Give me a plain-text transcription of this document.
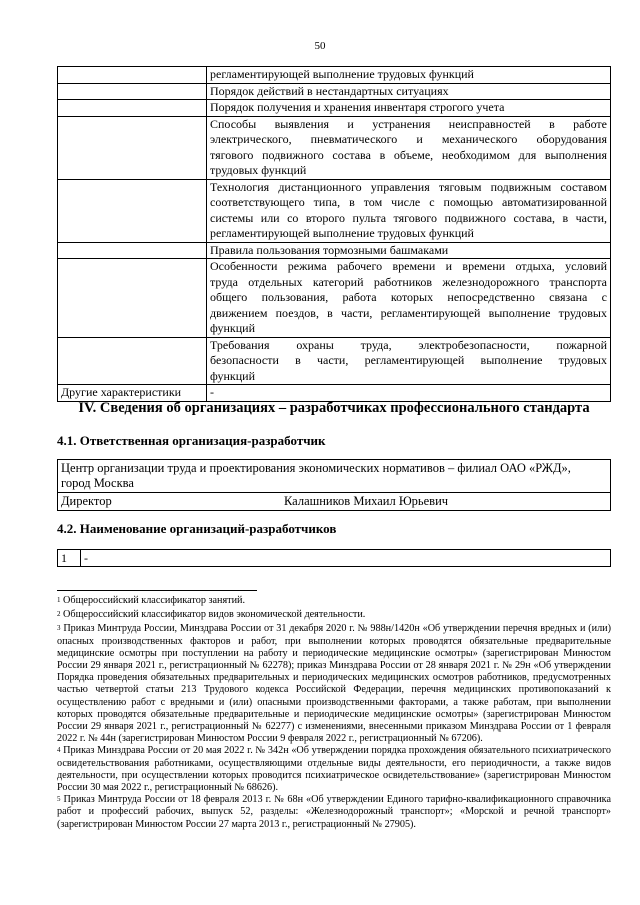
50

	регламентирующей выполнение трудовых функций

	Порядок действий в нестандартных ситуациях

	Порядок получения и хранения инвентаря строгого учета

	Способы выявления и устранения неисправностей в работе
электрического, пневматического и механического оборудования
тягового подвижного состава в объеме, необходимом для выполнения
трудовых функций

	Технология дистанционного управления тяговым подвижным составом
соответствующего типа, в том числе с помощью автоматизированной
системы или со второго пульта тягового подвижного состава, в части,
регламентирующей выполнение трудовых функций

	Правила пользования тормозными башмаками

	Особенности режима рабочего времени и времени отдыха, условий
труда отдельных категорий работников железнодорожного транспорта
общего пользования, работа которых непосредственно связана с
движением поездов, в части, регламентирующей выполнение трудовых
функций

	Требования охраны труда, электробезопасности, пожарной
безопасности в части, регламентирующей выполнение трудовых
функций

Другие характеристики	-
IV. Сведения об организациях – разработчиках профессионального стандарта
4.1. Ответственная организация-разработчик
Центр организации труда и проектирования экономических нормативов – филиал ОАО «РЖД»,
город Москва
Директор	Калашников Михаил Юрьевич
4.2. Наименование организаций-разработчиков
1	-

$^1$ Общероссийский классификатор занятий.

$^2$ Общероссийский классификатор видов экономической деятельности.

$^3$ Приказ Минтруда России, Минздрава России от 31 декабря 2020 г. № 988н/1420н «Об утверждении перечня вредных и (или) опасных производственных факторов и работ, при выполнении которых проводятся обязательные предварительные медицинские осмотры при поступлении на работу и периодические медицинские осмотры» (зарегистрирован Минюстом России 29 января 2021 г., регистрационный № 62278); приказ Минздрава России от 28 января 2021 г. № 29н «Об утверждении Порядка проведения обязательных предварительных и периодических медицинских осмотров работников, предусмотренных частью четвертой статьи 213 Трудового кодекса Российской Федерации, перечня медицинских противопоказаний к осуществлению работ с вредными и (или) опасными производственными факторами, а также работам, при выполнении которых проводятся обязательные предварительные и периодические медицинские осмотры» (зарегистрирован Минюстом России 29 января 2021 г., регистрационный № 62277) с изменениями, внесенными приказом Минздрава России от 1 февраля 2022 г. № 44н (зарегистрирован Минюстом России 9 февраля 2022 г., регистрационный № 67206).

$^4$ Приказ Минздрава России от 20 мая 2022 г. № 342н «Об утверждении порядка прохождения обязательного психиатрического освидетельствования работниками, осуществляющими отдельные виды деятельности, его периодичности, а также видов деятельности, при осуществлении которых проводится психиатрическое освидетельствование» (зарегистрирован Минюстом России 30 мая 2022 г., регистрационный № 68626).

$^5$ Приказ Минтруда России от 18 февраля 2013 г. № 68н «Об утверждении Единого тарифно-квалификационного справочника работ и профессий рабочих, выпуск 52, разделы: «Железнодорожный транспорт»; «Морской и речной транспорт» (зарегистрирован Минюстом России 27 марта 2013 г., регистрационный № 27905).
